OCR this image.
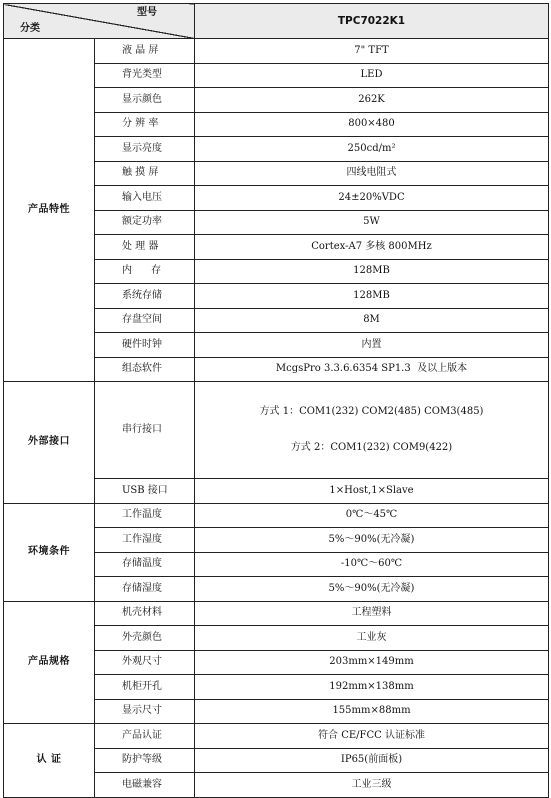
型号
分类		TPC7022K1
产品特性	液 晶 屏	7" TFT
	背光类型	LED
	显示颜色	262K
	分 辨 率	800×480
	显示亮度	250cd/m²
	触 摸 屏	四线电阻式
	输入电压	24±20%VDC
	额定功率	5W
	处 理 器	Cortex-A7 多核 800MHz
	内      存	128MB
	系统存储	128MB
	存盘空间	8M
	硬件时钟	内置
	组态软件	McgsPro 3.3.6.6354 SP1.3  及以上版本
外部接口	串行接口	方式 1：COM1(232) COM2(485) COM3(485)

方式 2：COM1(232) COM9(422)

	USB 接口	1×Host,1×Slave
环境条件	工作温度	0℃～45℃
	工作湿度	5%～90%(无冷凝)
	存储温度	-10℃～60℃
	存储湿度	5%～90%(无冷凝)
产品规格	机壳材料	工程塑料
	外壳颜色	工业灰
	外观尺寸	203mm×149mm
	机柜开孔	192mm×138mm
	显示尺寸	155mm×88mm
认 证	产品认证	符合 CE/FCC 认证标准
	防护等级	IP65(前面板)
	电磁兼容	工业三级
